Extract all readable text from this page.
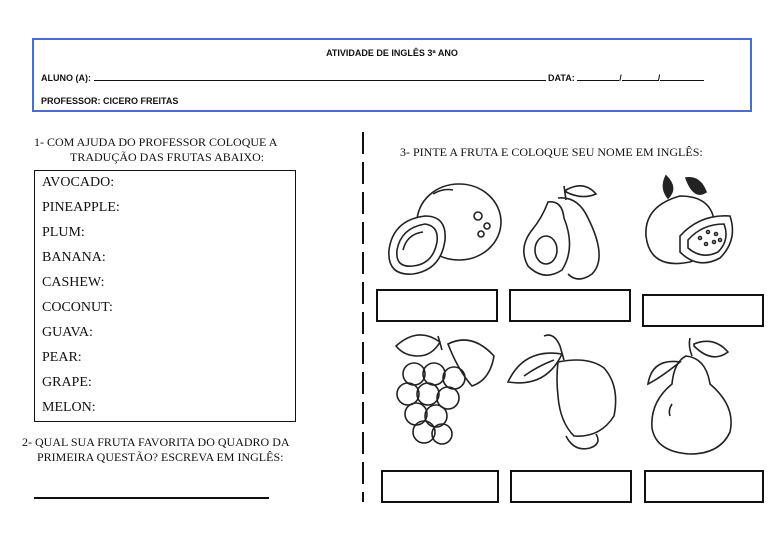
ATIVIDADE DE INGLÊS 3ª ANO
ALUNO (A):	DATA:	/	/
PROFESSOR: CICERO FREITAS
1- COM AJUDA DO PROFESSOR COLOQUE A
TRADUÇÃO DAS FRUTAS ABAIXO:
AVOCADO:
PINEAPPLE:
PLUM:
BANANA:
CASHEW:
COCONUT:
GUAVA:
PEAR:
GRAPE:
MELON:
2- QUAL SUA FRUTA FAVORITA DO QUADRO DA
PRIMEIRA QUESTÃO? ESCREVA EM INGLÊS:
3- PINTE A FRUTA E COLOQUE SEU NOME EM INGLÊS:
